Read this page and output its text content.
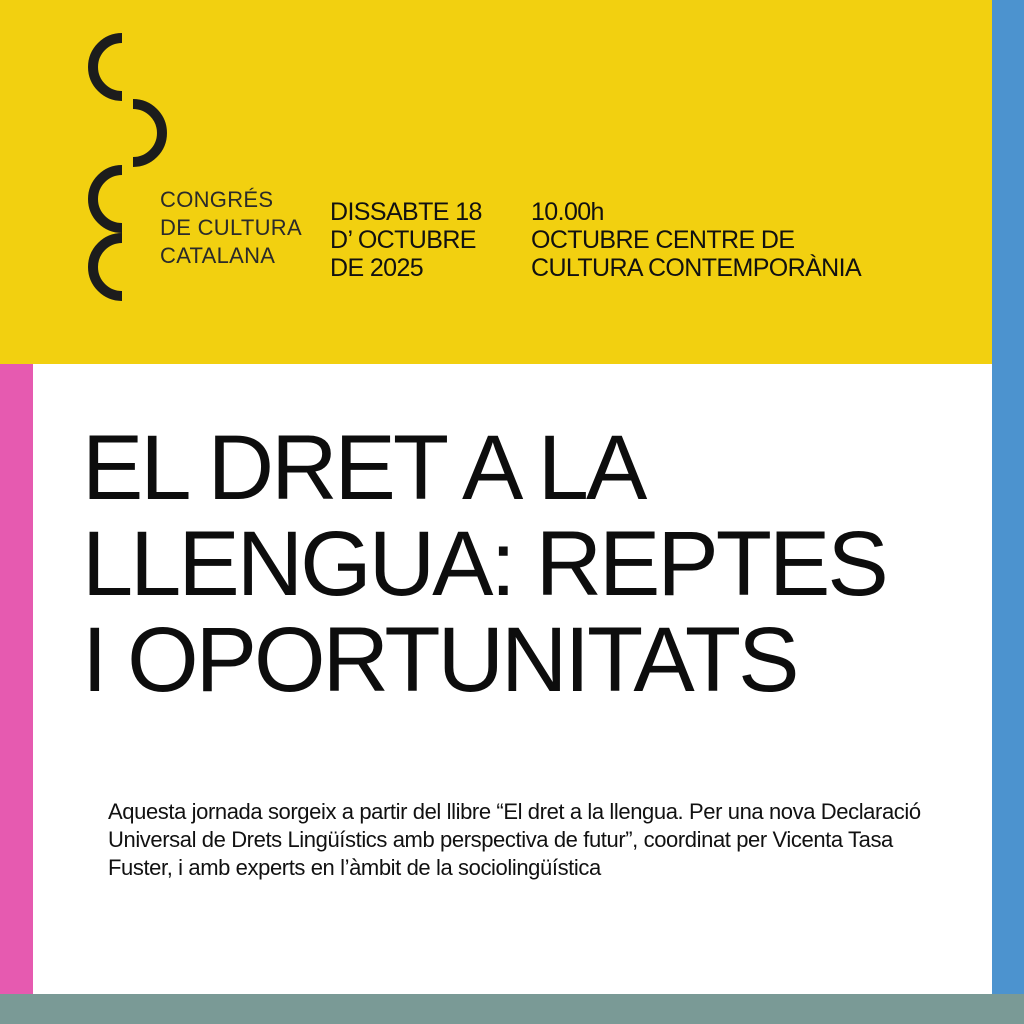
CONGRÉS
DE CULTURA
CATALANA
DISSABTE 18
D’ OCTUBRE
DE 2025
10.00h
OCTUBRE CENTRE DE
CULTURA CONTEMPORÀNIA
EL DRET A LA
LLENGUA: REPTES
I OPORTUNITATS
Aquesta jornada sorgeix a partir del llibre “El dret a la llengua. Per una nova Declaració Universal de Drets Lingüístics amb perspectiva de futur”, coordinat per Vicenta Tasa Fuster, i amb experts en l’àmbit de la sociolingüística
